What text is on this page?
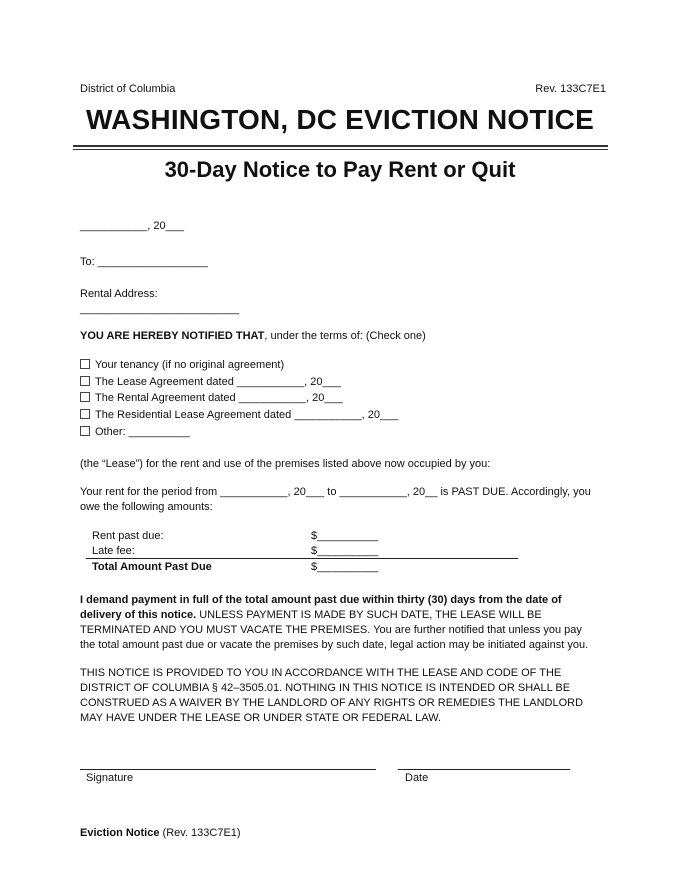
District of Columbia	Rev. 133C7E1
WASHINGTON, DC EVICTION NOTICE
30-Day Notice to Pay Rent or Quit
___________, 20___
To: __________________
Rental Address:
__________________________
YOU ARE HEREBY NOTIFIED THAT, under the terms of: (Check one)
Your tenancy (if no original agreement)
The Lease Agreement dated ___________, 20___
The Rental Agreement dated ___________, 20___
The Residential Lease Agreement dated ___________, 20___
Other: __________
(the “Lease”) for the rent and use of the premises listed above now occupied by you:
Your rent for the period from ___________, 20___ to ___________, 20__ is PAST DUE. Accordingly, you
owe the following amounts:
Rent past due:	$__________
Late fee:	$__________
Total Amount Past Due	$__________
I demand payment in full of the total amount past due within thirty (30) days from the date of delivery of this notice. UNLESS PAYMENT IS MADE BY SUCH DATE, THE LEASE WILL BE TERMINATED AND YOU MUST VACATE THE PREMISES. You are further notified that unless you pay the total amount past due or vacate the premises by such date, legal action may be initiated against you.
THIS NOTICE IS PROVIDED TO YOU IN ACCORDANCE WITH THE LEASE AND CODE OF THE DISTRICT OF COLUMBIA § 42–3505.01. NOTHING IN THIS NOTICE IS INTENDED OR SHALL BE CONSTRUED AS A WAIVER BY THE LANDLORD OF ANY RIGHTS OR REMEDIES THE LANDLORD MAY HAVE UNDER THE LEASE OR UNDER STATE OR FEDERAL LAW.
Signature	Date
Eviction Notice (Rev. 133C7E1)
